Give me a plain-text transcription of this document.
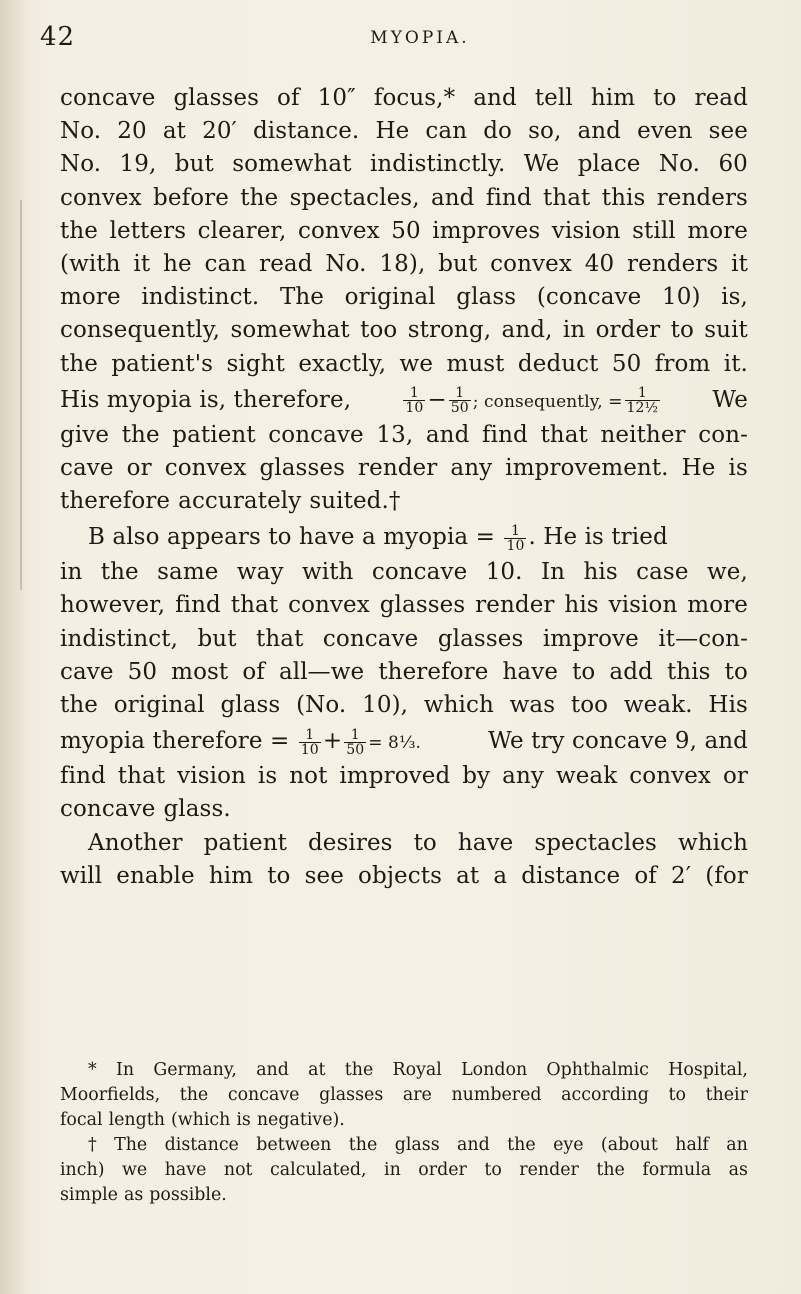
42	MYOPIA.
concave glasses of 10″ focus,* and tell him to read
No. 20 at 20′ distance. He can do so, and even see
No. 19, but somewhat indistinctly. We place No. 60
convex before the spectacles, and find that this renders
the letters clearer, convex 50 improves vision still more
(with it he can read No. 18), but convex 40 renders it
more indistinct. The original glass (concave 10) is,
consequently, somewhat too strong, and, in order to suit
the patient's sight exactly, we must deduct 50 from it.
His myopia is, therefore,	$\frac{1}{10} - \frac{1}{50}$ ; consequently, = $\frac{1}{\text{12½}}$ We
give the patient concave 13, and find that neither con-
cave or convex glasses render any improvement. He is
therefore accurately suited.†
B also appears to have a myopia = $\frac{1}{10}$ . He is tried
in the same way with concave 10. In his case we,
however, find that convex glasses render his vision more
indistinct, but that concave glasses improve it—con-
cave 50 most of all—we therefore have to add this to
the original glass (No. 10), which was too weak. His
myopia therefore = $\frac{1}{10} + \frac{1}{50}$ = 8⅓.	We try concave 9, and
find that vision is not improved by any weak convex or
concave glass.
Another patient desires to have spectacles which
will enable him to see objects at a distance of 2′ (for
* In Germany, and at the Royal London Ophthalmic Hospital,
Moorfields, the concave glasses are numbered according to their
focal length (which is negative).
† The distance between the glass and the eye (about half an
inch) we have not calculated, in order to render the formula as
simple as possible.
